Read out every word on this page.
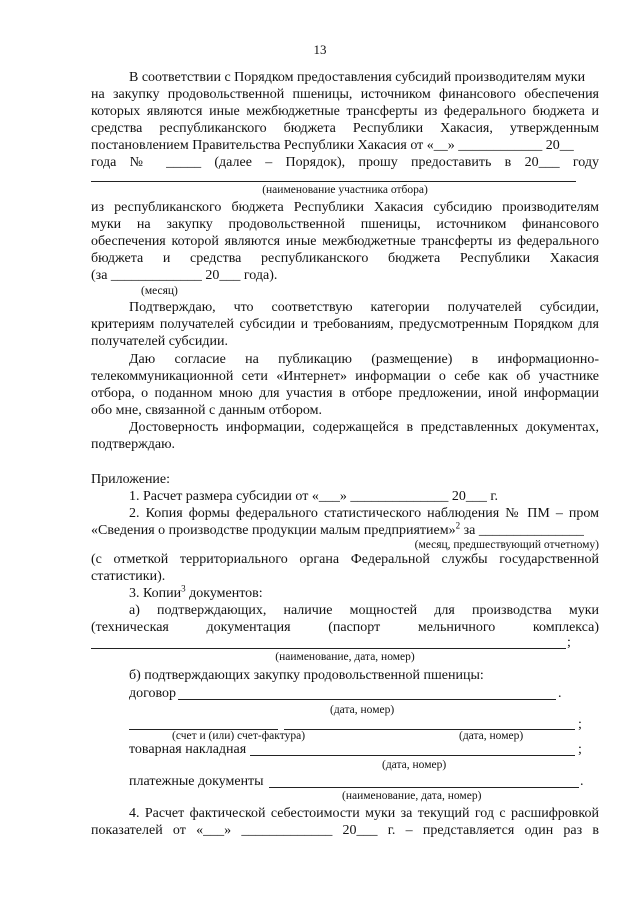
13
В соответствии с Порядком предоставления субсидий производителям муки
на закупку продовольственной пшеницы, источником финансового обеспечения
которых являются иные межбюджетные трансферты из федерального бюджета и
средства республиканского бюджета Республики Хакасия, утвержденным
постановлением Правительства Республики Хакасия от «__» ____________ 20__
года № _____ (далее – Порядок), прошу предоставить в 20___ году
(наименование участника отбора)
из республиканского бюджета Республики Хакасия субсидию производителям
муки на закупку продовольственной пшеницы, источником финансового
обеспечения которой являются иные межбюджетные трансферты из федерального
бюджета и средства республиканского бюджета Республики Хакасия
(за _____________ 20___ года).
(месяц)
Подтверждаю, что соответствую категории получателей субсидии,
критериям получателей субсидии и требованиям, предусмотренным Порядком для
получателей субсидии.
Даю согласие на публикацию (размещение) в информационно-
телекоммуникационной сети «Интернет» информации о себе как об участнике
отбора, о поданном мною для участия в отборе предложении, иной информации
обо мне, связанной с данным отбором.
Достоверность информации, содержащейся в представленных документах,
подтверждаю.
Приложение:
1. Расчет размера субсидии от «___» ______________ 20___ г.
2. Копия формы федерального статистического наблюдения № ПМ – пром
«Сведения о производстве продукции малым предприятием»$^2$ за _______________
(месяц, предшествующий отчетному)
(с отметкой территориального органа Федеральной службы государственной
статистики).
3. Копии$^3$ документов:
а) подтверждающих, наличие мощностей для производства муки
(техническая документация (паспорт мельничного комплекса)
;
(наименование, дата, номер)
б) подтверждающих закупку продовольственной пшеницы:
договор	.
(дата, номер)
;
(счет и (или) счет-фактура)	(дата, номер)
товарная накладная	;
(дата, номер)
платежные документы	.
(наименование, дата, номер)
4. Расчет фактической себестоимости муки за текущий год с расшифровкой
показателей от «___» _____________ 20___ г. – представляется один раз в
